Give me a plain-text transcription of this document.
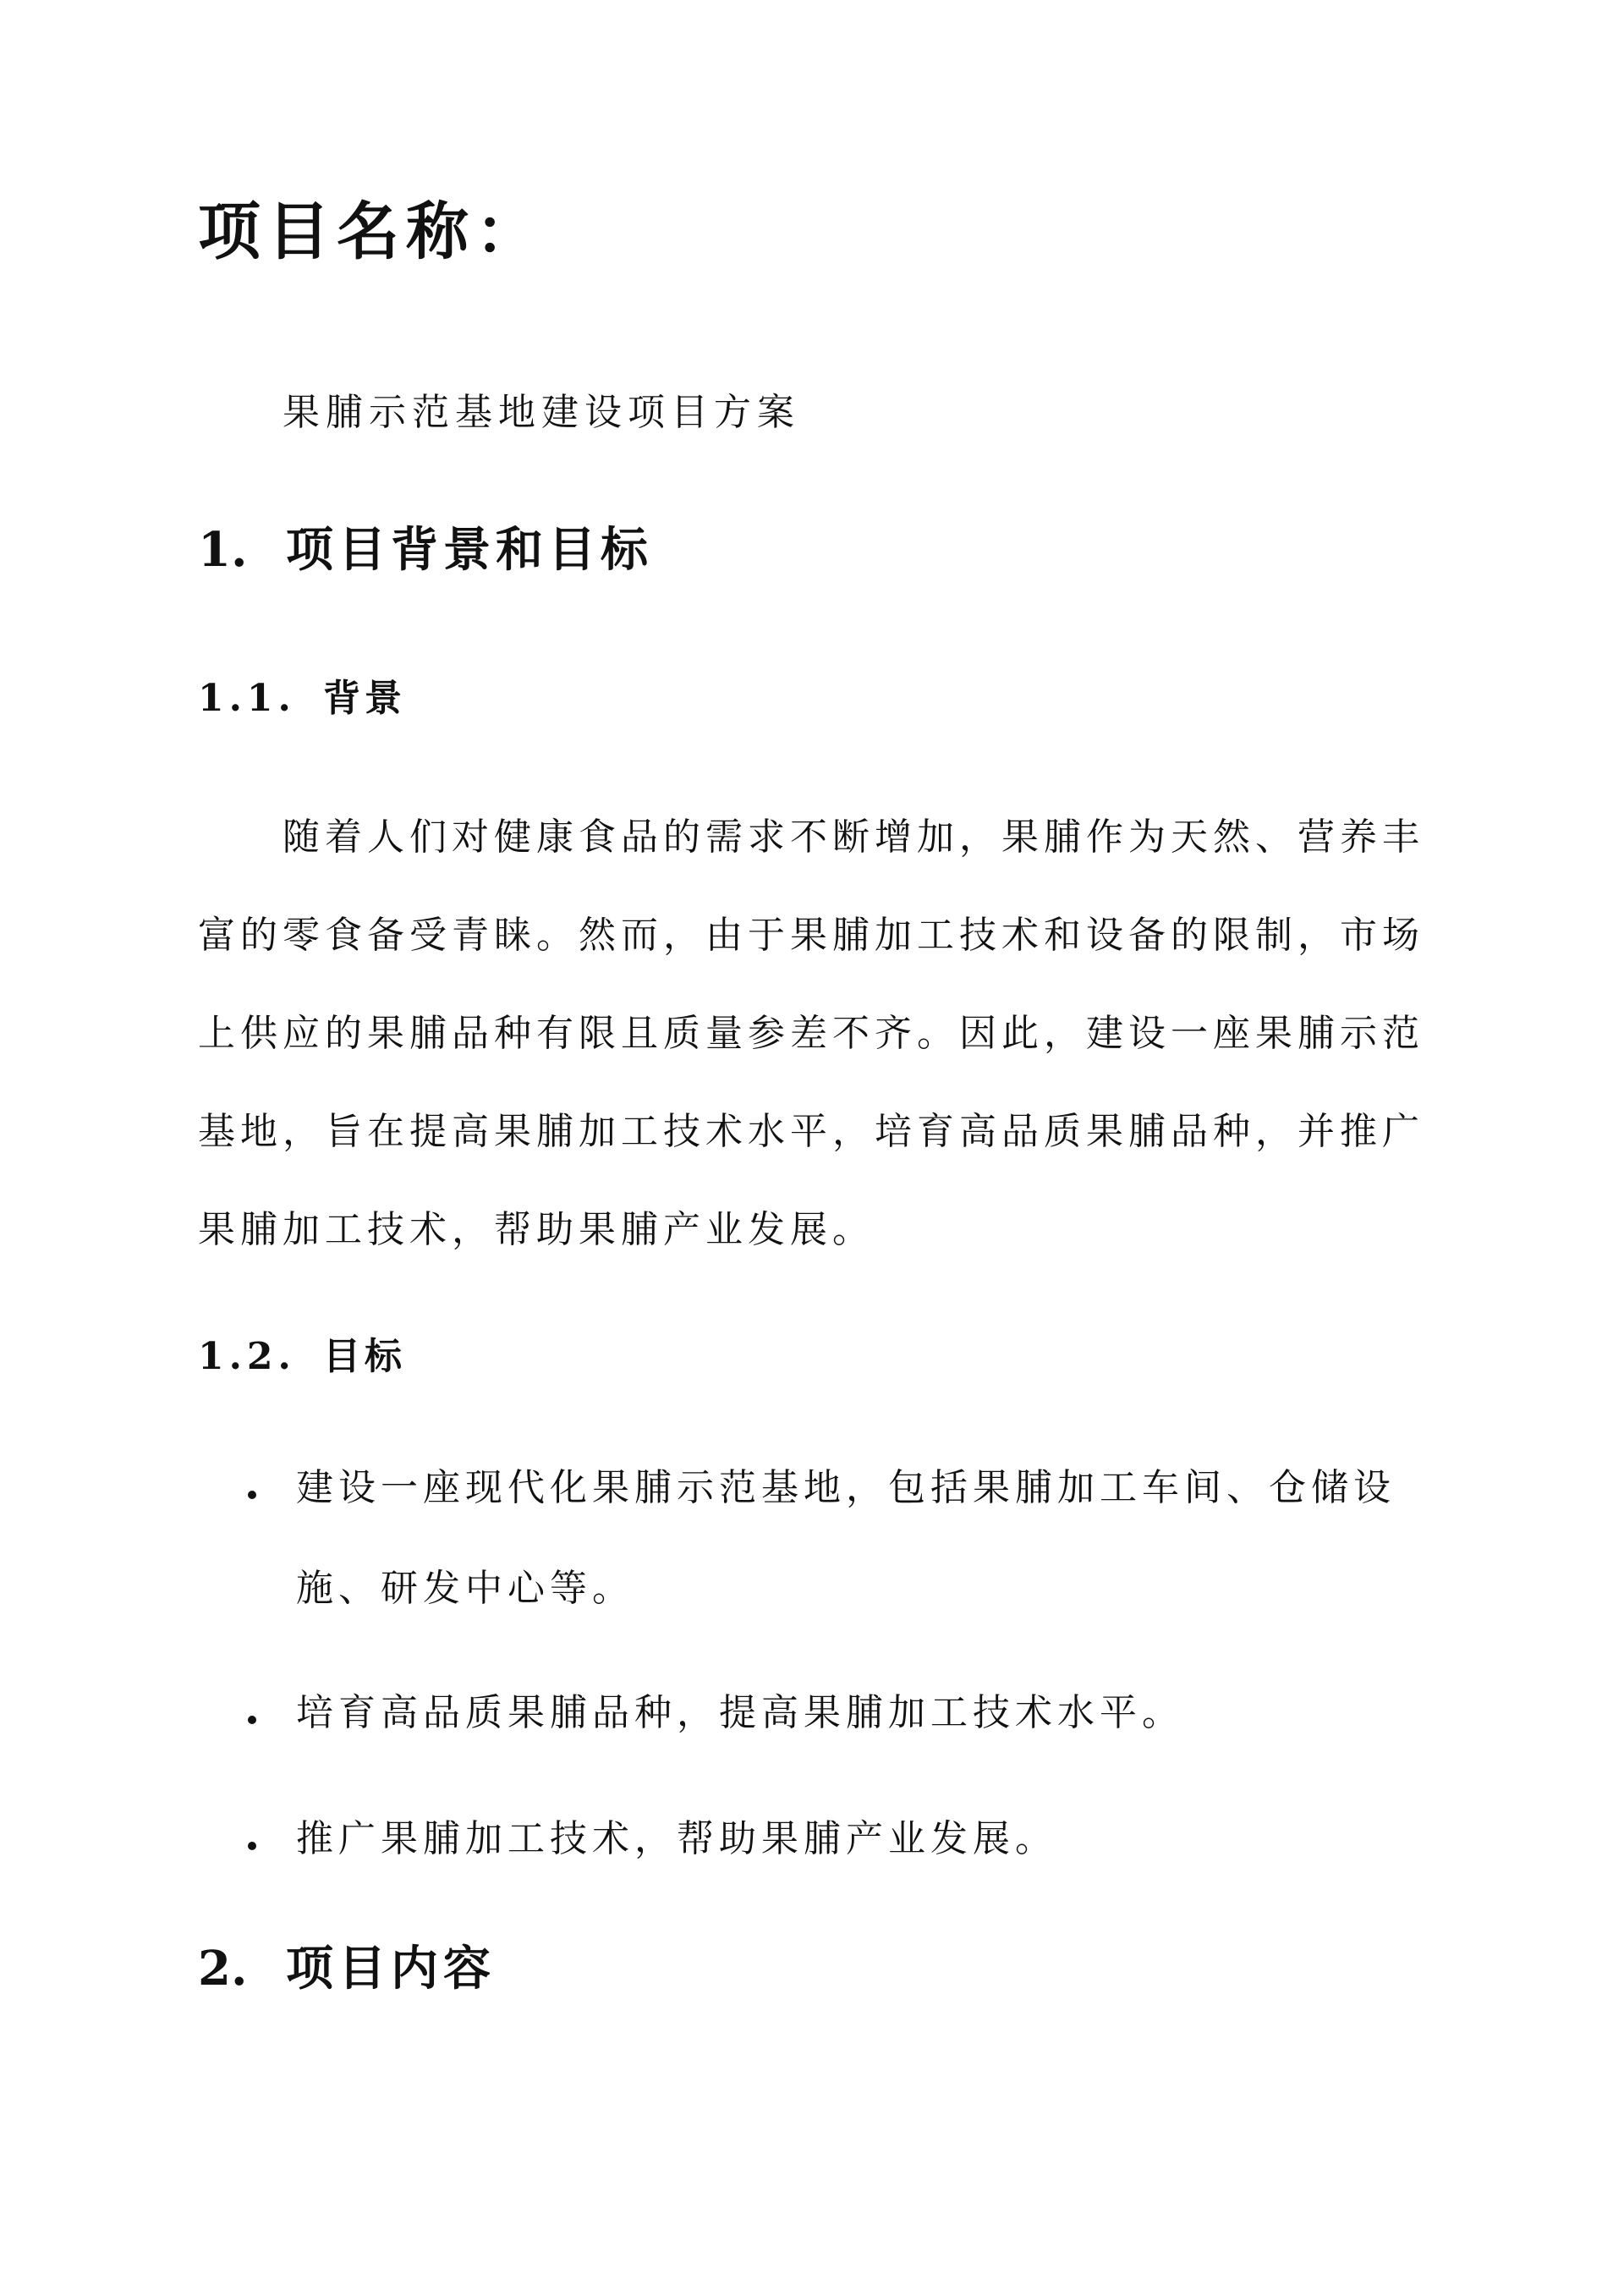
项目名称：
果脯示范基地建设项目方案
1. 项目背景和目标
1.1. 背景
随着人们对健康食品的需求不断增加，果脯作为天然、营养丰
富的零食备受青睐。然而，由于果脯加工技术和设备的限制，市场
上供应的果脯品种有限且质量参差不齐。因此，建设一座果脯示范
基地，旨在提高果脯加工技术水平，培育高品质果脯品种，并推广
果脯加工技术，帮助果脯产业发展。
1.2. 目标
建设一座现代化果脯示范基地，包括果脯加工车间、仓储设
施、研发中心等。
培育高品质果脯品种，提高果脯加工技术水平。
推广果脯加工技术，帮助果脯产业发展。
2. 项目内容
